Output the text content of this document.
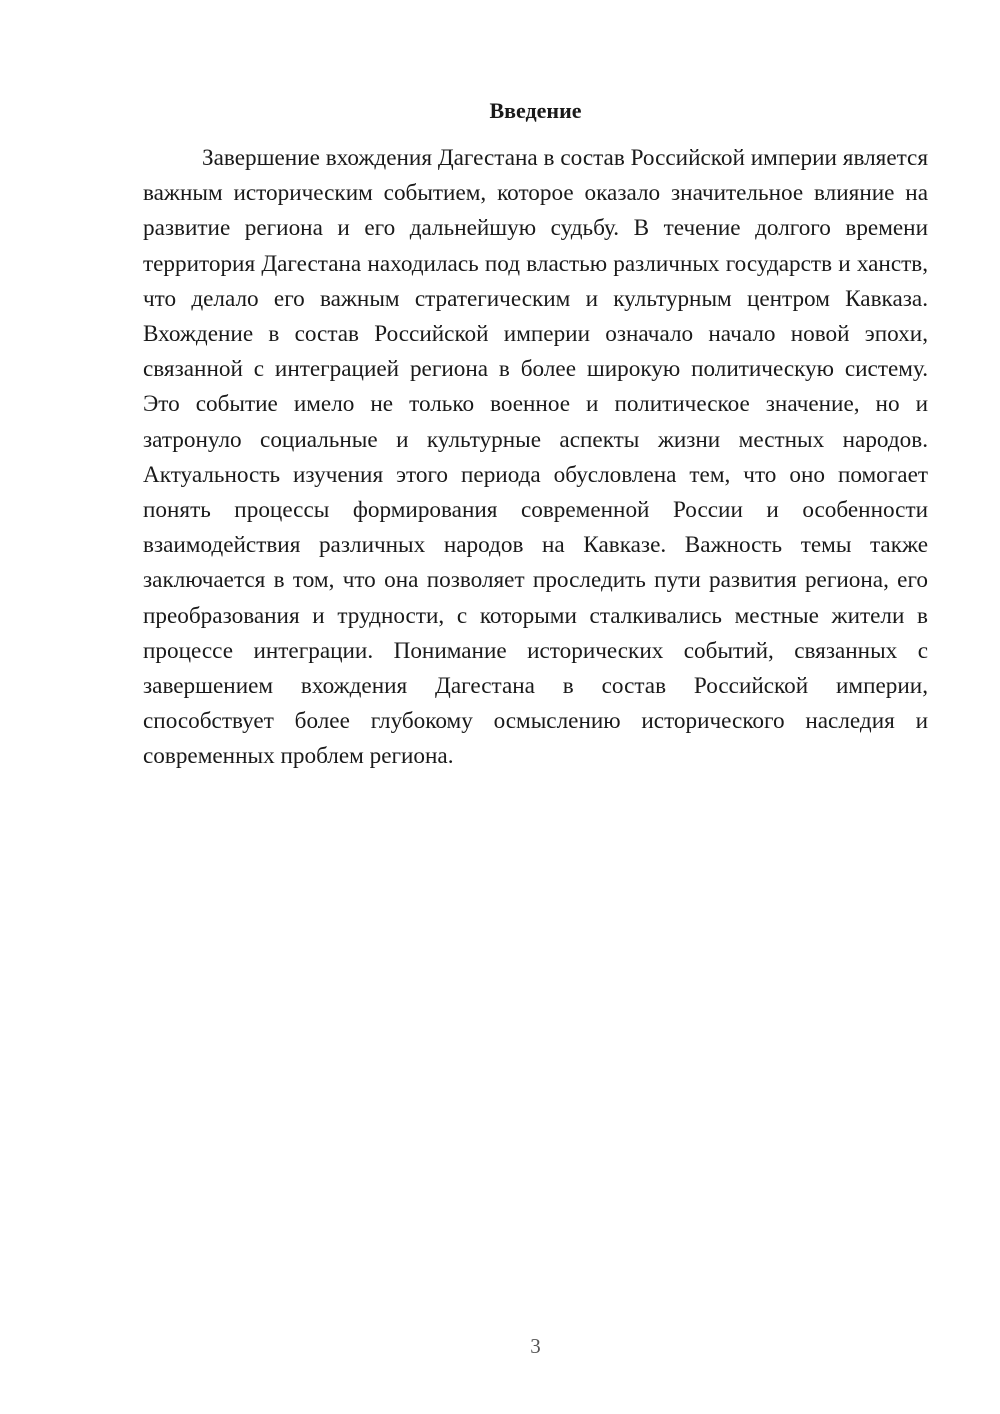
Введение

Завершение вхождения Дагестана в состав Российской империи является важным историческим событием, которое оказало значительное влияние на развитие региона и его дальнейшую судьбу. В течение долгого времени территория Дагестана находилась под властью различных государств и ханств, что делало его важным стратегическим и культурным центром Кавказа. Вхождение в состав Российской империи означало начало новой эпохи, связанной с интеграцией региона в более широкую политическую систему. Это событие имело не только военное и политическое значение, но и затронуло социальные и культурные аспекты жизни местных народов. Актуальность изучения этого периода обусловлена тем, что оно помогает понять процессы формирования современной России и особенности взаимодействия различных народов на Кавказе. Важность темы также заключается в том, что она позволяет проследить пути развития региона, его преобразования и трудности, с которыми сталкивались местные жители в процессе интеграции. Понимание исторических событий, связанных с завершением вхождения Дагестана в состав Российской империи, способствует более глубокому осмыслению исторического наследия и современных проблем региона.

3
